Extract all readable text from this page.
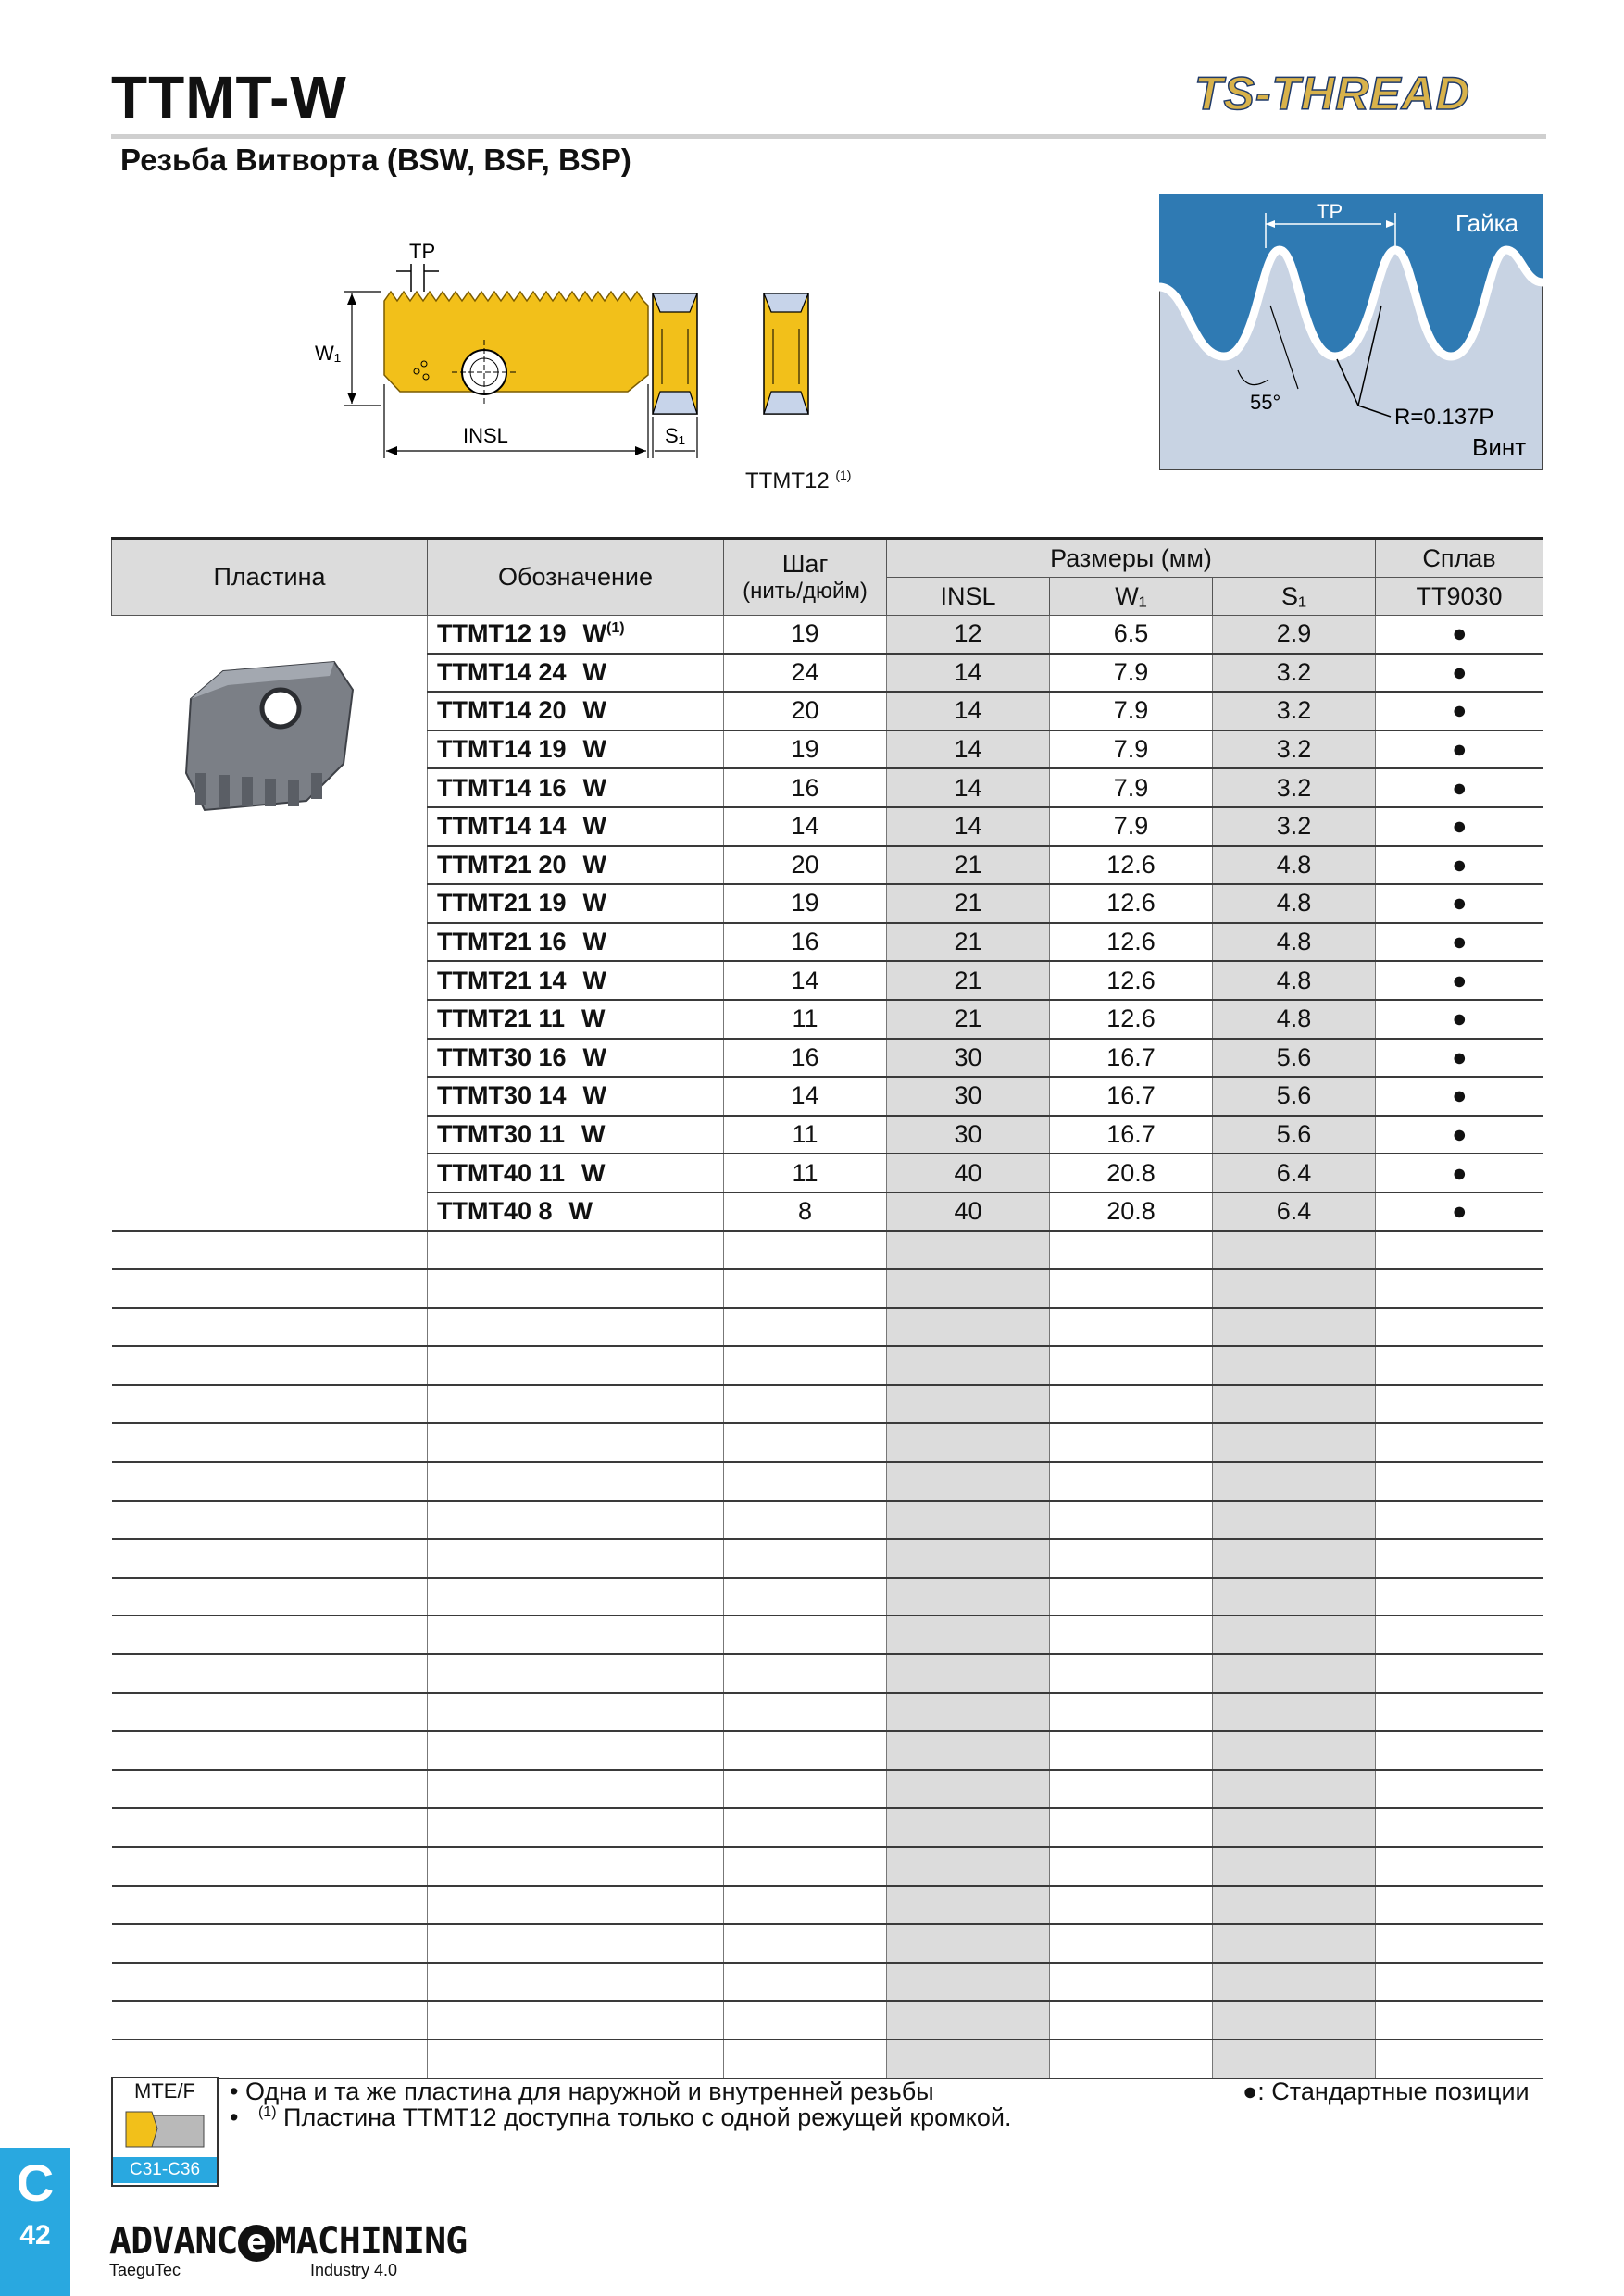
TTMT-W	TS-THREAD
Резьба Витворта (BSW, BSF, BSP)
TP
W₁
INSL	S₁
TTMT12 $^{(1)}$
TP	Гайка
55°
R=0.137P
Винт
Пластина	Обозначение	Шаг
(нить/дюйм)	Размеры (мм)			Сплав
			INSL	W₁	S₁	TT9030
	TTMT12 19 $W^{(1)}$	19	12	6.5	2.9	●
	TTMT14 24 W	24	14	7.9	3.2	●
	TTMT14 20 W	20	14	7.9	3.2	●
	TTMT14 19 W	19	14	7.9	3.2	●
	TTMT14 16 W	16	14	7.9	3.2	●
	TTMT14 14 W	14	14	7.9	3.2	●
	TTMT21 20 W	20	21	12.6	4.8	●
	TTMT21 19 W	19	21	12.6	4.8	●
	TTMT21 16 W	16	21	12.6	4.8	●
	TTMT21 14 W	14	21	12.6	4.8	●
	TTMT21 11 W	11	21	12.6	4.8	●
	TTMT30 16 W	16	30	16.7	5.6	●
	TTMT30 14 W	14	30	16.7	5.6	●
	TTMT30 11 W	11	30	16.7	5.6	●
	TTMT40 11 W	11	40	20.8	6.4	●
	TTMT40 8 W	8	40	20.8	6.4	●

MTE/F
C31-C36
• Одна и та же пластина для наружной и внутренней резьбы
• $^{(1)}$ Пластина TTMT12 доступна только с одной режущей кромкой.
●: Стандартные позиции
C
42	ADVANC e MACHINING
TaeguTec	Industry 4.0
